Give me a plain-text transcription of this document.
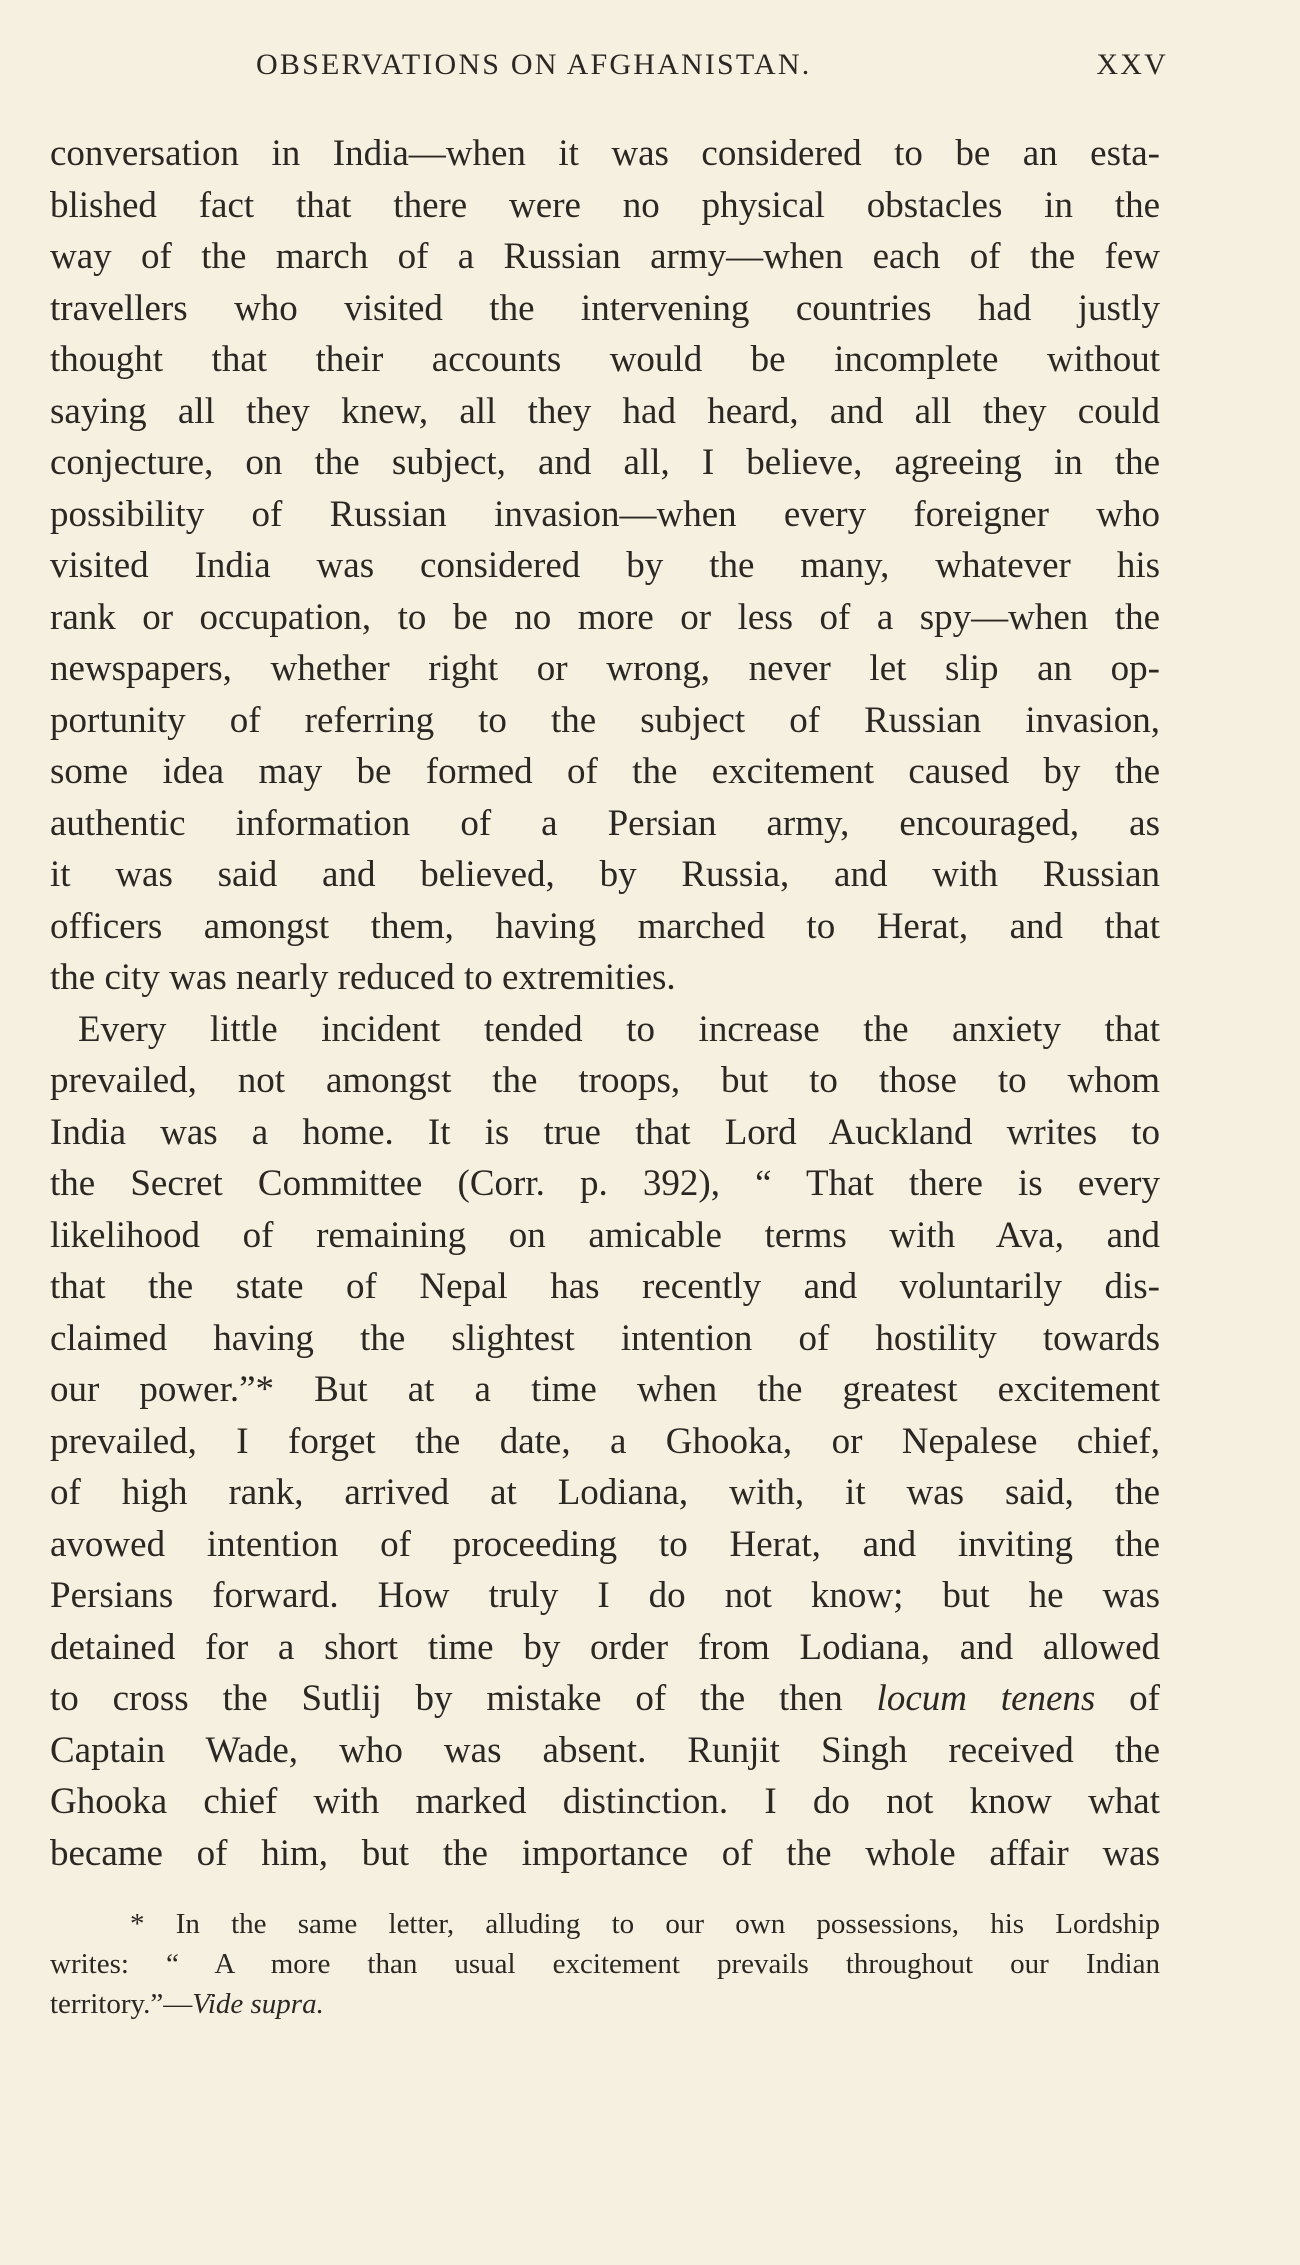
OBSERVATIONS ON AFGHANISTAN.	XXV
conversation in India—when it was considered to be an esta-
blished fact that there were no physical obstacles in the
way of the march of a Russian army—when each of the few
travellers who visited the intervening countries had justly
thought that their accounts would be incomplete without
saying all they knew, all they had heard, and all they could
conjecture, on the subject, and all, I believe, agreeing in the
possibility of Russian invasion—when every foreigner who
visited India was considered by the many, whatever his
rank or occupation, to be no more or less of a spy—when the
newspapers, whether right or wrong, never let slip an op-
portunity of referring to the subject of Russian invasion,
some idea may be formed of the excitement caused by the
authentic information of a Persian army, encouraged, as
it was said and believed, by Russia, and with Russian
officers amongst them, having marched to Herat, and that
the city was nearly reduced to extremities.
Every little incident tended to increase the anxiety that
prevailed, not amongst the troops, but to those to whom
India was a home. It is true that Lord Auckland writes to
the Secret Committee (Corr. p. 392), “ That there is every
likelihood of remaining on amicable terms with Ava, and
that the state of Nepal has recently and voluntarily dis-
claimed having the slightest intention of hostility towards
our power.”* But at a time when the greatest excitement
prevailed, I forget the date, a Ghooka, or Nepalese chief,
of high rank, arrived at Lodiana, with, it was said, the
avowed intention of proceeding to Herat, and inviting the
Persians forward. How truly I do not know; but he was
detained for a short time by order from Lodiana, and allowed
to cross the Sutlij by mistake of the then locum tenens of
Captain Wade, who was absent. Runjit Singh received the
Ghooka chief with marked distinction. I do not know what
became of him, but the importance of the whole affair was
* In the same letter, alluding to our own possessions, his Lordship
writes: “ A more than usual excitement prevails throughout our Indian
territory.”—Vide supra.
